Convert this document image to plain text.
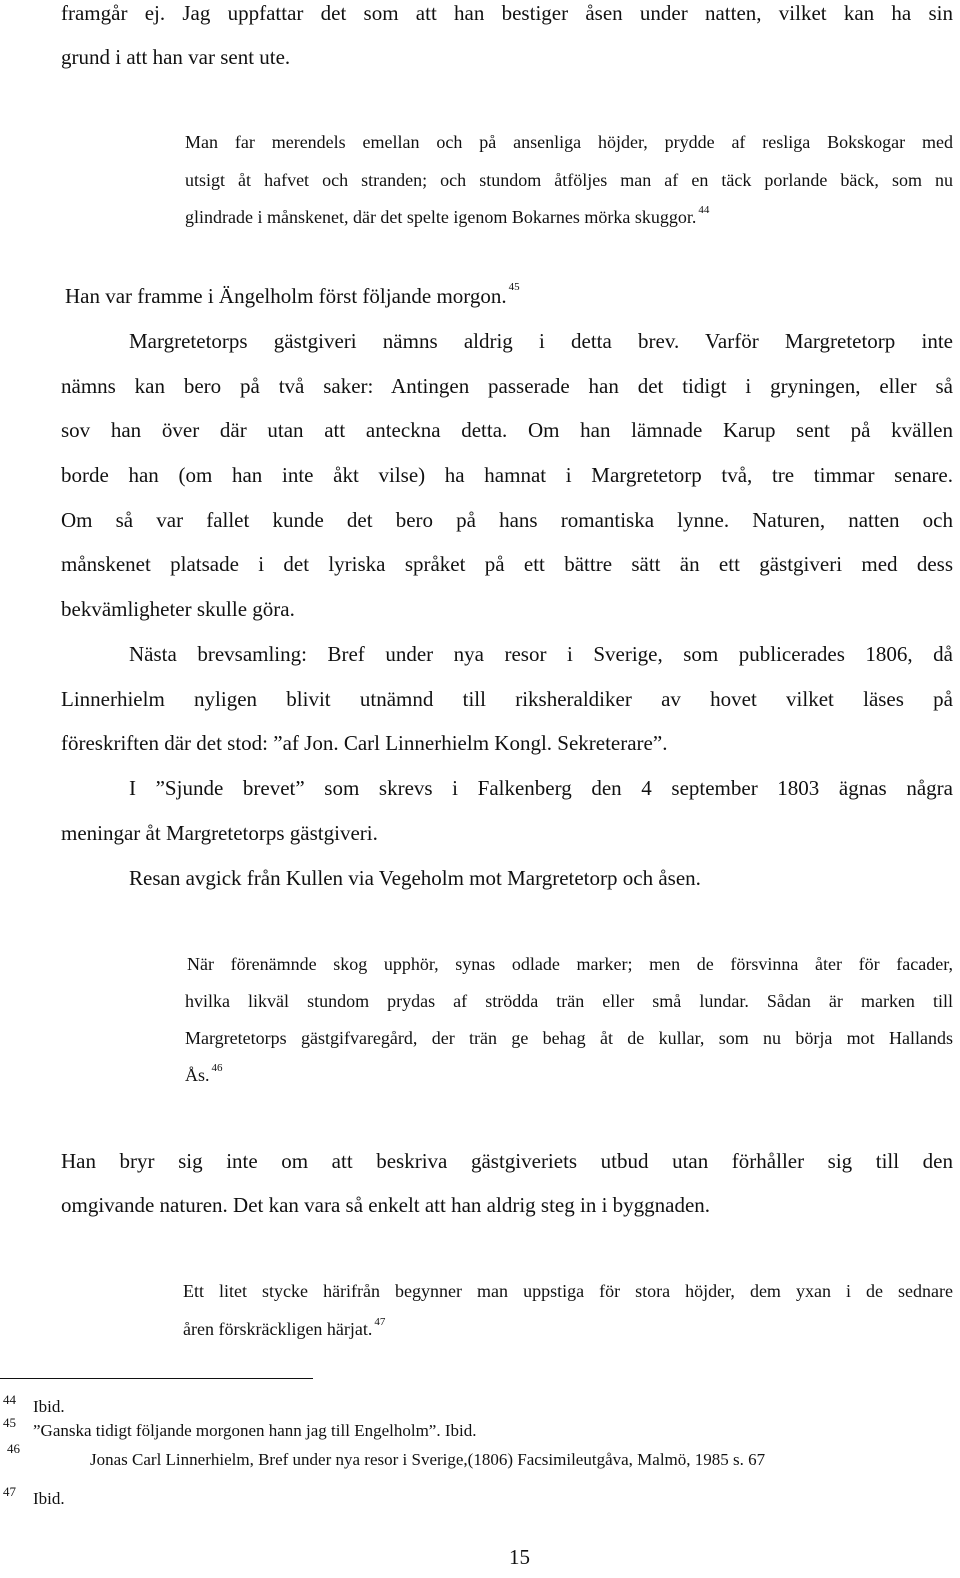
framgår ej. Jag uppfattar det som att han bestiger åsen under natten, vilket kan ha sin

grund i att han var sent ute.

Man far merendels emellan och på ansenliga höjder, prydde af resliga Bokskogar med

utsigt åt hafvet och stranden; och stundom åtföljes man af en täck porlande bäck, som nu

glindrade i månskenet, där det spelte igenom Bokarnes mörka skuggor. $^{44}$

Han var framme i Ängelholm först följande morgon. $^{45}$

Margretetorps gästgiveri nämns aldrig i detta brev. Varför Margretetorp inte

nämns kan bero på två saker: Antingen passerade han det tidigt i gryningen, eller så

sov han över där utan att anteckna detta. Om han lämnade Karup sent på kvällen

borde han (om han inte åkt vilse) ha hamnat i Margretetorp två, tre timmar senare.

Om så var fallet kunde det bero på hans romantiska lynne. Naturen, natten och

månskenet platsade i det lyriska språket på ett bättre sätt än ett gästgiveri med dess

bekvämligheter skulle göra.

Nästa brevsamling: Bref under nya resor i Sverige, som publicerades 1806, då

Linnerhielm nyligen blivit utnämnd till riksheraldiker av hovet vilket läses på

föreskriften där det stod: ”af Jon. Carl Linnerhielm Kongl. Sekreterare”.

I ”Sjunde brevet” som skrevs i Falkenberg den 4 september 1803 ägnas några

meningar åt Margretetorps gästgiveri.

Resan avgick från Kullen via Vegeholm mot Margretetorp och åsen.

När förenämnde skog upphör, synas odlade marker; men de försvinna åter för facader,

hvilka likväl stundom prydas af strödda trän eller små lundar. Sådan är marken till

Margretetorps gästgifvaregård, der trän ge behag åt de kullar, som nu börja mot Hallands

Ås. $^{46}$

Han bryr sig inte om att beskriva gästgiveriets utbud utan förhåller sig till den

omgivande naturen. Det kan vara så enkelt att han aldrig steg in i byggnaden.

Ett litet stycke härifrån begynner man uppstiga för stora höjder, dem yxan i de sednare

åren förskräckligen härjat. $^{47}$

44 Ibid.
45 ”Ganska tidigt följande morgonen hann jag till Engelholm”. Ibid.
46
Jonas Carl Linnerhielm, Bref under nya resor i Sverige,(1806) Facsimileutgåva, Malmö, 1985 s. 67
47 Ibid.
15
